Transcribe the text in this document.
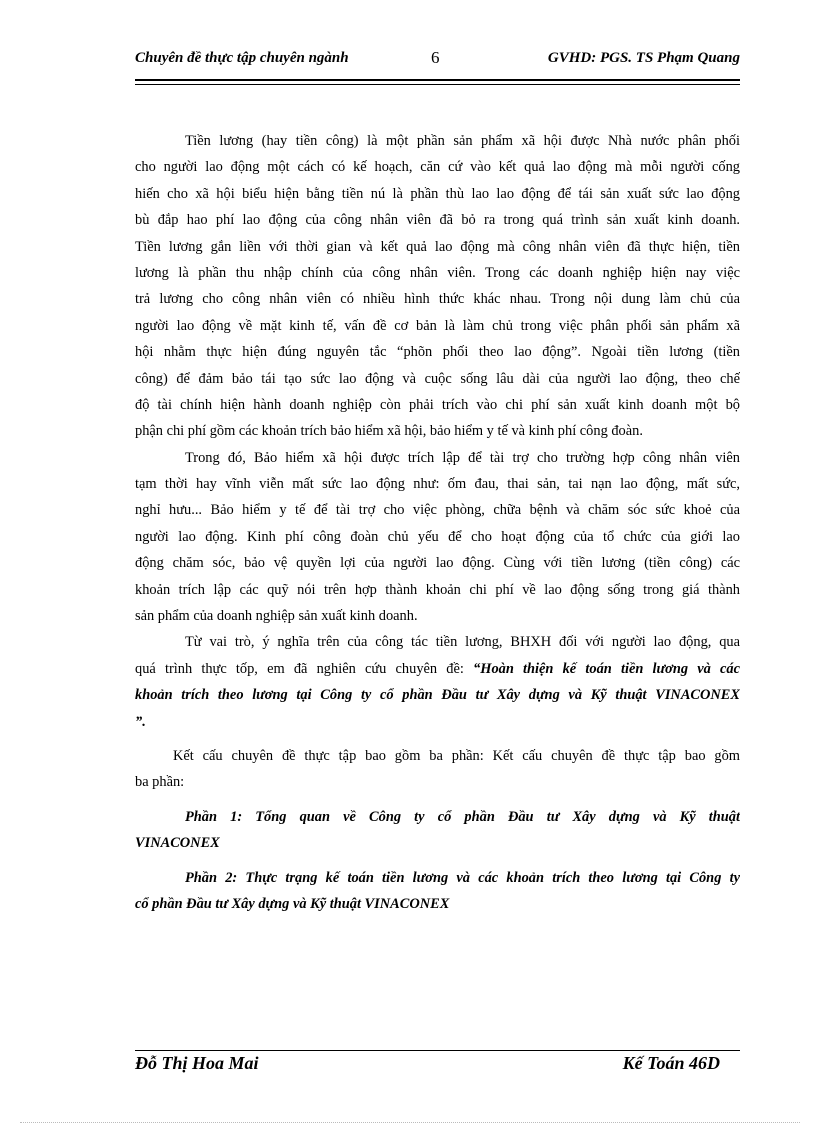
Chuyên đề thực tập chuyên ngành	6	GVHD: PGS. TS Phạm Quang
Tiền lương (hay tiền công) là một phần sản phẩm xã hội được Nhà nước phân phối
cho người lao động một cách có kế hoạch, căn cứ vào kết quả lao động mà mỗi người cống
hiến cho xã hội biểu hiện bằng tiền nú là phần thù lao lao động để tái sản xuất sức lao động
bù đắp hao phí lao động của công nhân viên đã bỏ ra trong quá trình sản xuất kinh doanh.
Tiền lương gắn liền với thời gian và kết quả lao động mà công nhân viên đã thực hiện, tiền
lương là phần thu nhập chính của công nhân viên. Trong các doanh nghiệp hiện nay việc
trả lương cho công nhân viên có nhiều hình thức khác nhau. Trong nội dung làm chủ của
người lao động về mặt kinh tế, vấn đề cơ bản là làm chủ trong việc phân phối sản phẩm xã
hội nhằm thực hiện đúng nguyên tắc “phõn phối theo lao động”. Ngoài tiền lương (tiền
công) để đảm bảo tái tạo sức lao động và cuộc sống lâu dài của người lao động, theo chế
độ tài chính hiện hành doanh nghiệp còn phải trích vào chi phí sản xuất kinh doanh một bộ
phận chi phí gồm các khoản trích bảo hiểm xã hội, bảo hiểm y tế và kinh phí công đoàn.
Trong đó, Bảo hiểm xã hội được trích lập để tài trợ cho trường hợp công nhân viên
tạm thời hay vĩnh viễn mất sức lao động như: ốm đau, thai sản, tai nạn lao động, mất sức,
nghỉ hưu... Bảo hiểm y tế để tài trợ cho việc phòng, chữa bệnh và chăm sóc sức khoẻ của
người lao động. Kinh phí công đoàn chủ yếu để cho hoạt động của tổ chức của giới lao
động chăm sóc, bảo vệ quyền lợi của người lao động. Cùng với tiền lương (tiền công) các
khoản trích lập các quỹ nói trên hợp thành khoản chi phí về lao động sống trong giá thành
sản phẩm của doanh nghiệp sản xuất kinh doanh.
Từ vai trò, ý nghĩa trên của công tác tiền lương, BHXH đối với người lao động, qua
quá trình thực tốp, em đã nghiên cứu chuyên đề: “Hoàn thiện kế toán tiền lương và các
khoản trích theo lương tại Công ty cổ phần Đầu tư Xây dựng và Kỹ thuật VINACONEX
”.
Kết cấu chuyên đề thực tập bao gồm ba phần: Kết cấu chuyên đề thực tập bao gồm
ba phần:
Phần 1: Tổng quan về Công ty cổ phần Đầu tư Xây dựng và Kỹ thuật
VINACONEX
Phần 2: Thực trạng kế toán tiền lương và các khoản trích theo lương tại Công ty
cổ phần Đầu tư Xây dựng và Kỹ thuật VINACONEX
Đỗ Thị Hoa Mai	Kế Toán 46D
